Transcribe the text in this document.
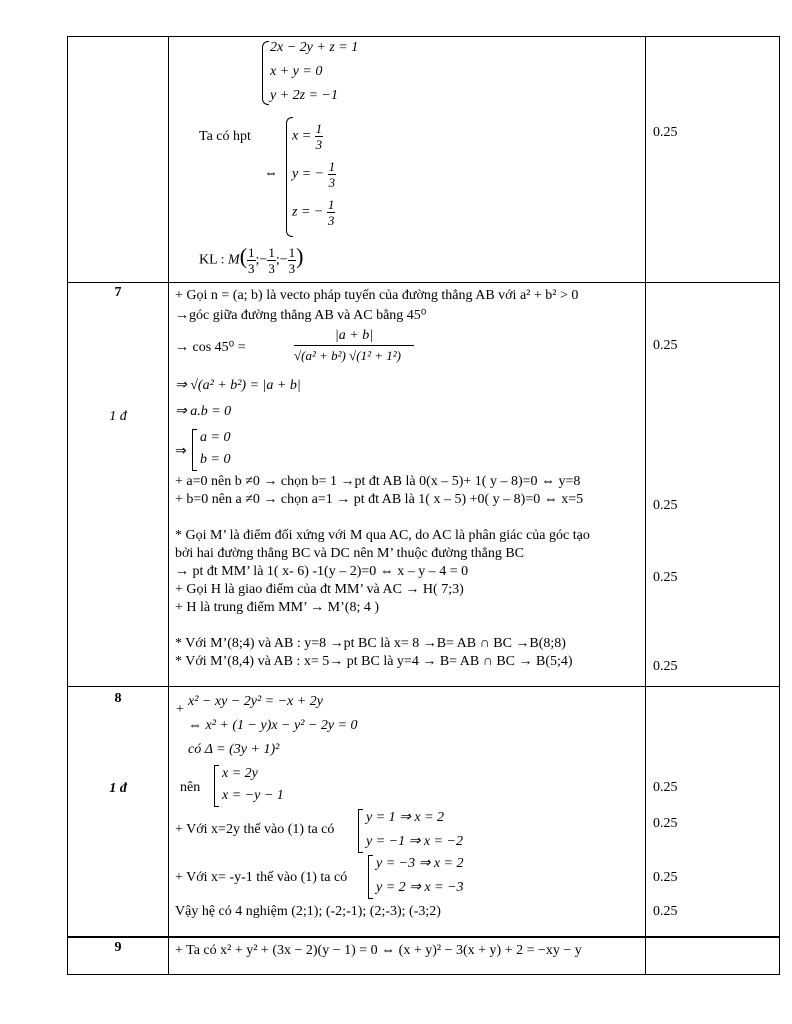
2x − 2y + z = 1
x + y = 0
y + 2z = −1
Ta có hpt
⇔
$x = \frac{1}{3}$
y = − $\frac{1}{3}$
z = − $\frac{1}{3}$
KL : $M( \frac{1}{3}$ ;− $\frac{1}{3}$ ;− $\frac{1}{3}$ )
0.25
7
1 đ
+ Gọi n = (a; b) là vecto pháp tuyến của đường thẳng AB với a² + b² > 0
→góc giữa đường thẳng AB và AC bằng 45⁰
→ cos 45⁰ =
|a + b|
√(a² + b²) √(1² + 1²)
⇒ √(a² + b²) = |a + b|
⇒ a.b = 0
⇒
a = 0
b = 0
+ a=0 nên b ≠0 → chọn b= 1 →pt đt AB là 0(x – 5)+ 1( y – 8)=0 ⇔ y=8
+ b=0 nên a ≠0 → chọn a=1 → pt đt AB là 1( x – 5) +0( y – 8)=0 ⇔ x=5
* Gọi M’ là điểm đối xứng với M qua AC, do AC là phân giác của góc tạo
bởi hai đường thẳng BC và DC nên M’ thuộc đường thẳng BC
→ pt đt MM’ là 1( x- 6) -1(y – 2)=0 ⇔ x – y – 4 = 0
+ Gọi H là giao điểm của đt MM’ và AC → H( 7;3)
+ H là trung điểm MM’ → M’(8; 4 )
* Với M’(8;4) và AB : y=8 →pt BC là x= 8 →B= AB ∩ BC →B(8;8)
* Với M’(8,4) và AB : x= 5→ pt BC là y=4 → B= AB ∩ BC → B(5;4)
0.25
0.25
0.25
0.25
8
1 đ
+
x² − xy − 2y² = −x + 2y
⇔ x² + (1 − y)x − y² − 2y = 0
có Δ = (3y + 1)²
nên
x = 2y
x = −y − 1
+ Với x=2y thế vào (1) ta có
y = 1 ⇒ x = 2
y = −1 ⇒ x = −2
+ Với x= -y-1 thế vào (1) ta có
y = −3 ⇒ x = 2
y = 2 ⇒ x = −3
Vậy hệ có 4 nghiệm (2;1); (-2;-1); (2;-3); (-3;2)
0.25
0.25
0.25
0.25
9	+ Ta có x² + y² + (3x − 2)(y − 1) = 0 ⇔ (x + y)² − 3(x + y) + 2 = −xy − y
